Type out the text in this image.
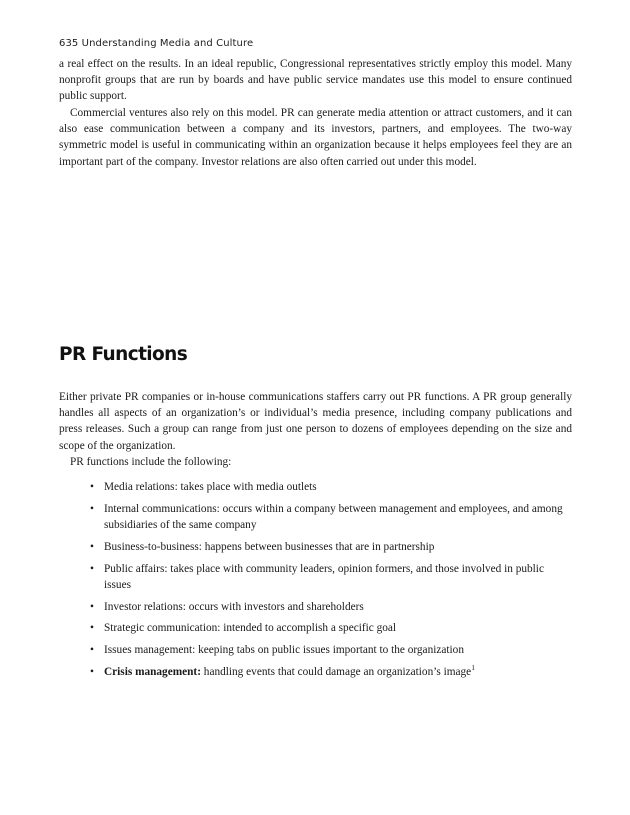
635 Understanding Media and Culture

a real effect on the results. In an ideal republic, Congressional representatives strictly employ this model. Many nonprofit groups that are run by boards and have public service mandates use this model to ensure continued public support.

Commercial ventures also rely on this model. PR can generate media attention or attract customers, and it can also ease communication between a company and its investors, partners, and employees. The two-way symmetric model is useful in communicating within an organization because it helps employees feel they are an important part of the company. Investor relations are also often carried out under this model.

PR Functions

Either private PR companies or in-house communications staffers carry out PR functions. A PR group generally handles all aspects of an organization’s or individual’s media presence, including company publications and press releases. Such a group can range from just one person to dozens of employees depending on the size and scope of the organization.

PR functions include the following:

• Media relations: takes place with media outlets
• Internal communications: occurs within a company between management and employees, and among subsidiaries of the same company
• Business-to-business: happens between businesses that are in partnership
• Public affairs: takes place with community leaders, opinion formers, and those involved in public issues
• Investor relations: occurs with investors and shareholders
• Strategic communication: intended to accomplish a specific goal
• Issues management: keeping tabs on public issues important to the organization
• Crisis management: handling events that could damage an organization’s image$^1$
